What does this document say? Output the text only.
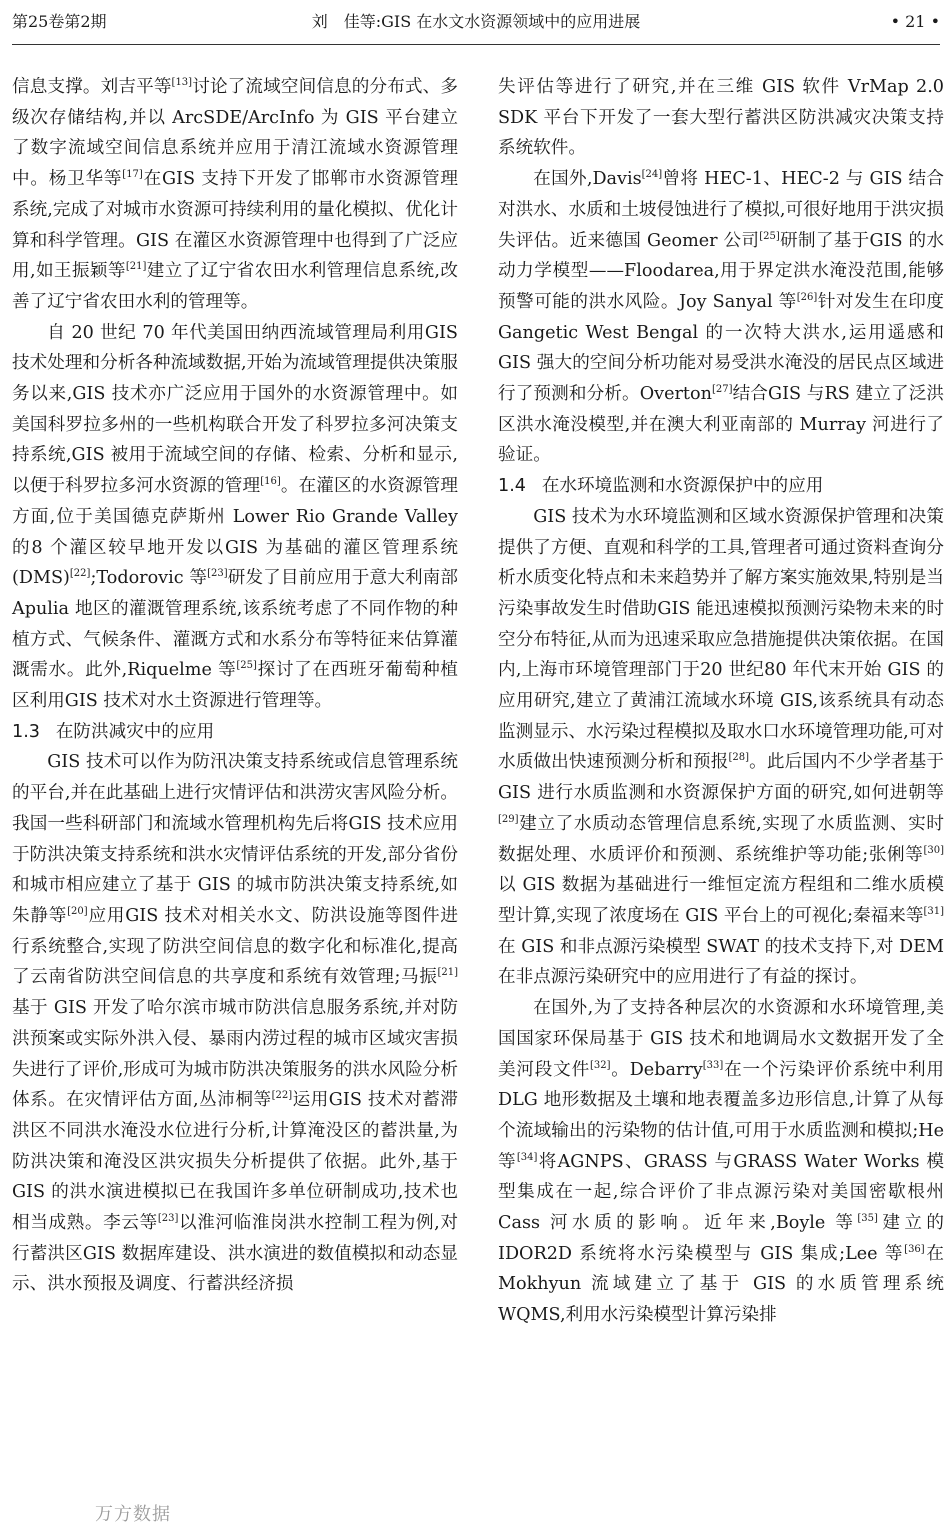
第25卷第2期	刘　佳等:GIS 在水文水资源领域中的应用进展	• 21 •

信息支撑。刘吉平等[13]讨论了流域空间信息的分布式、多级次存储结构,并以 ArcSDE/ArcInfo 为 GIS 平台建立了数字流域空间信息系统并应用于清江流域水资源管理中。杨卫华等[17]在GIS 支持下开发了邯郸市水资源管理系统,完成了对城市水资源可持续利用的量化模拟、优化计算和科学管理。GIS 在灌区水资源管理中也得到了广泛应用,如王振颖等[21]建立了辽宁省农田水利管理信息系统,改善了辽宁省农田水利的管理等。

自 20 世纪 70 年代美国田纳西流域管理局利用GIS 技术处理和分析各种流域数据,开始为流域管理提供决策服务以来,GIS 技术亦广泛应用于国外的水资源管理中。如美国科罗拉多州的一些机构联合开发了科罗拉多河决策支持系统,GIS 被用于流域空间的存储、检索、分析和显示,以便于科罗拉多河水资源的管理[16]。在灌区的水资源管理方面,位于美国德克萨斯州 Lower Rio Grande Valley 的8 个灌区较早地开发以GIS 为基础的灌区管理系统(DMS)[22];Todorovic 等[23]研发了目前应用于意大利南部 Apulia 地区的灌溉管理系统,该系统考虑了不同作物的种植方式、气候条件、灌溉方式和水系分布等特征来估算灌溉需水。此外,Riquelme 等[25]探讨了在西班牙葡萄种植区利用GIS 技术对水土资源进行管理等。

1.3 在防洪减灾中的应用

GIS 技术可以作为防汛决策支持系统或信息管理系统的平台,并在此基础上进行灾情评估和洪涝灾害风险分析。我国一些科研部门和流域水管理机构先后将GIS 技术应用于防洪决策支持系统和洪水灾情评估系统的开发,部分省份和城市相应建立了基于 GIS 的城市防洪决策支持系统,如朱静等[20]应用GIS 技术对相关水文、防洪设施等图件进行系统整合,实现了防洪空间信息的数字化和标准化,提高了云南省防洪空间信息的共享度和系统有效管理;马振[21]基于 GIS 开发了哈尔滨市城市防洪信息服务系统,并对防洪预案或实际外洪入侵、暴雨内涝过程的城市区域灾害损失进行了评价,形成可为城市防洪决策服务的洪水风险分析体系。在灾情评估方面,丛沛桐等[22]运用GIS 技术对蓄滞洪区不同洪水淹没水位进行分析,计算淹没区的蓄洪量,为防洪决策和淹没区洪灾损失分析提供了依据。此外,基于GIS 的洪水演进模拟已在我国许多单位研制成功,技术也相当成熟。李云等[23]以淮河临淮岗洪水控制工程为例,对行蓄洪区GIS 数据库建设、洪水演进的数值模拟和动态显示、洪水预报及调度、行蓄洪经济损

失评估等进行了研究,并在三维 GIS 软件 VrMap 2.0 SDK 平台下开发了一套大型行蓄洪区防洪减灾决策支持系统软件。

在国外,Davis[24]曾将 HEC-1、HEC-2 与 GIS 结合对洪水、水质和土坡侵蚀进行了模拟,可很好地用于洪灾损失评估。近来德国 Geomer 公司[25]研制了基于GIS 的水动力学模型——Floodarea,用于界定洪水淹没范围,能够预警可能的洪水风险。Joy Sanyal 等[26]针对发生在印度 Gangetic West Bengal 的一次特大洪水,运用遥感和GIS 强大的空间分析功能对易受洪水淹没的居民点区域进行了预测和分析。Overton[27]结合GIS 与RS 建立了泛洪区洪水淹没模型,并在澳大利亚南部的 Murray 河进行了验证。

1.4 在水环境监测和水资源保护中的应用

GIS 技术为水环境监测和区域水资源保护管理和决策提供了方便、直观和科学的工具,管理者可通过资料查询分析水质变化特点和未来趋势并了解方案实施效果,特别是当污染事故发生时借助GIS 能迅速模拟预测污染物未来的时空分布特征,从而为迅速采取应急措施提供决策依据。在国内,上海市环境管理部门于20 世纪80 年代末开始 GIS 的应用研究,建立了黄浦江流域水环境 GIS,该系统具有动态监测显示、水污染过程模拟及取水口水环境管理功能,可对水质做出快速预测分析和预报[28]。此后国内不少学者基于GIS 进行水质监测和水资源保护方面的研究,如何进朝等[29]建立了水质动态管理信息系统,实现了水质监测、实时数据处理、水质评价和预测、系统维护等功能;张俐等[30]以 GIS 数据为基础进行一维恒定流方程组和二维水质模型计算,实现了浓度场在 GIS 平台上的可视化;秦福来等[31]在 GIS 和非点源污染模型 SWAT 的技术支持下,对 DEM 在非点源污染研究中的应用进行了有益的探讨。

在国外,为了支持各种层次的水资源和水环境管理,美国国家环保局基于 GIS 技术和地调局水文数据开发了全美河段文件[32]。Debarry[33]在一个污染评价系统中利用 DLG 地形数据及土壤和地表覆盖多边形信息,计算了从每个流域输出的污染物的估计值,可用于水质监测和模拟;He 等[34]将AGNPS、GRASS 与GRASS Water Works 模型集成在一起,综合评价了非点源污染对美国密歇根州Cass 河水质的影响。近年来,Boyle 等[35]建立的 IDOR2D 系统将水污染模型与 GIS 集成;Lee 等[36]在 Mokhyun 流域建立了基于 GIS 的水质管理系统 WQMS,利用水污染模型计算污染排

万方数据
